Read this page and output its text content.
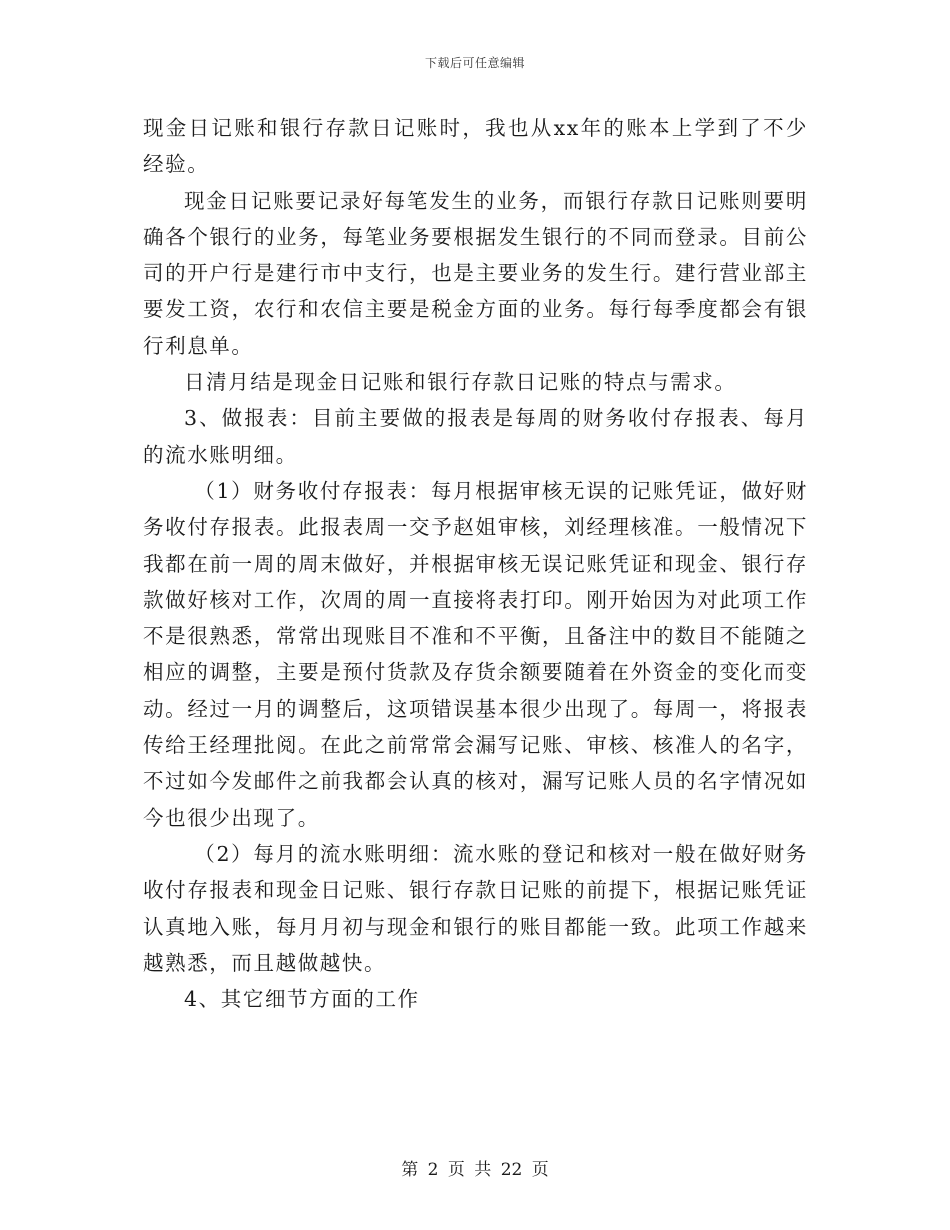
下载后可任意编辑

现金日记账和银行存款日记账时，我也从xx年的账本上学到了不少经验。

现金日记账要记录好每笔发生的业务，而银行存款日记账则要明确各个银行的业务，每笔业务要根据发生银行的不同而登录。目前公司的开户行是建行市中支行，也是主要业务的发生行。建行营业部主要发工资，农行和农信主要是税金方面的业务。每行每季度都会有银行利息单。

日清月结是现金日记账和银行存款日记账的特点与需求。

3、做报表：目前主要做的报表是每周的财务收付存报表、每月的流水账明细。

（1）财务收付存报表：每月根据审核无误的记账凭证，做好财务收付存报表。此报表周一交予赵姐审核，刘经理核准。一般情况下我都在前一周的周末做好，并根据审核无误记账凭证和现金、银行存款做好核对工作，次周的周一直接将表打印。刚开始因为对此项工作不是很熟悉，常常出现账目不准和不平衡，且备注中的数目不能随之相应的调整，主要是预付货款及存货余额要随着在外资金的变化而变动。经过一月的调整后，这项错误基本很少出现了。每周一，将报表传给王经理批阅。在此之前常常会漏写记账、审核、核准人的名字，不过如今发邮件之前我都会认真的核对，漏写记账人员的名字情况如今也很少出现了。

（2）每月的流水账明细：流水账的登记和核对一般在做好财务收付存报表和现金日记账、银行存款日记账的前提下，根据记账凭证认真地入账，每月月初与现金和银行的账目都能一致。此项工作越来越熟悉，而且越做越快。

4、其它细节方面的工作

第 2 页 共 22 页
